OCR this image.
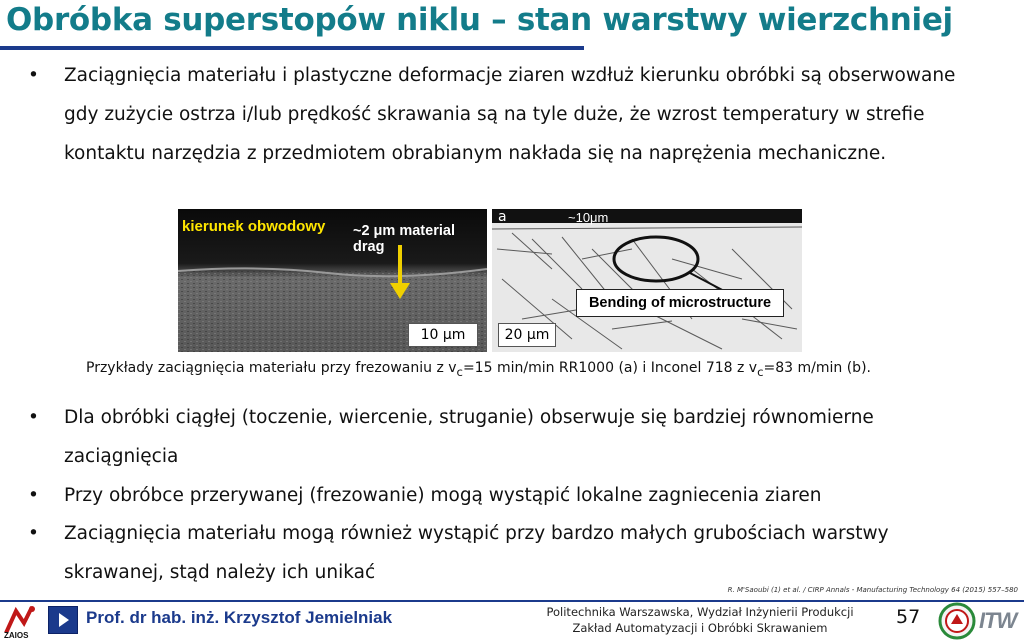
Obróbka superstopów niklu – stan warstwy wierzchniej
•	Zaciągnięcia materiału i plastyczne deformacje ziaren wzdłuż kierunku obróbki są obserwowane
gdy zużycie ostrza i/lub prędkość skrawania są na tyle duże, że wzrost temperatury w strefie
kontaktu narzędzia z przedmiotem obrabianym nakłada się na naprężenia mechaniczne.
•	Dla obróbki ciągłej (toczenie, wiercenie, struganie) obserwuje się bardziej równomierne
zaciągnięcia
•	Przy obróbce przerywanej (frezowanie) mogą wystąpić lokalne zagniecenia ziaren
•	Zaciągnięcia materiału mogą również wystąpić przy bardzo małych grubościach warstwy
skrawanej, stąd należy ich unikać
~2 μm material drag
kierunek obwodowy
10 μm
a	~10μm
Bending of microstructure
20 μm
Przykłady zaciągnięcia materiału przy frezowaniu z $v_c=15$ min/min RR1000 (a) i Inconel 718 z $v_c=83$ m/min (b).
R. M'Saoubi (1) et al. / CIRP Annals - Manufacturing Technology 64 (2015) 557–580
ZAIOS
Prof. dr hab. inż. Krzysztof Jemielniak	Politechnika Warszawska, Wydział Inżynierii Produkcji
Zakład Automatyzacji i Obróbki Skrawaniem	57	ITW
